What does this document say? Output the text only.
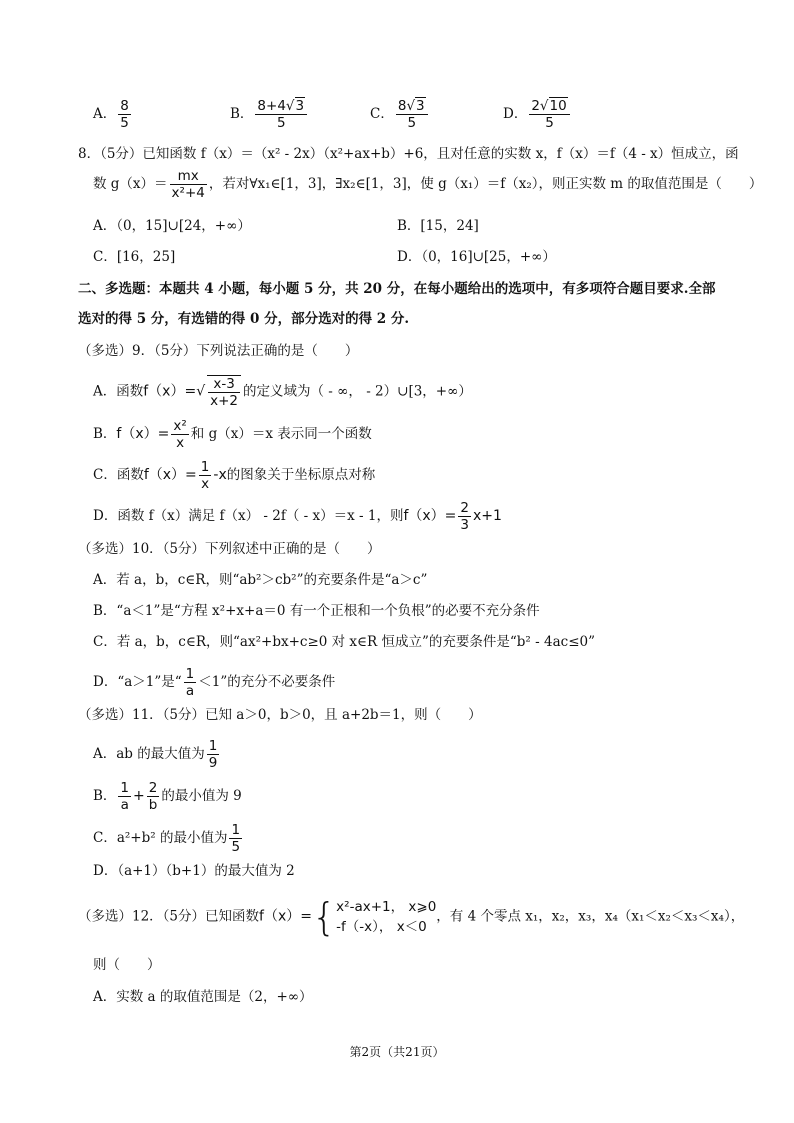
A． $\frac{8}{5}$	B． $\frac{8+4√3}{5}$	C． $\frac{8√3}{5}$	D． $\frac{2√10}{5}$
8．（5分）已知函数 f（x）＝（x² ‑ 2x）（x²+ax+b）+6，且对任意的实数 x，f（x）＝f（4 ‑ x）恒成立，函
数 $g(x)= \frac{mx}{\text{x²+4}}$ ，若对∀x₁∈[1，3]，∃x₂∈[1，3]，使 g（x₁）＝f（x₂），则正实数 m 的取值范围是（　　）
A．（0，15]∪[24，+∞）	B．[15，24]
C．[16，25]	D．（0，16]∪[25，+∞）
二、多选题：本题共 4 小题，每小题 5 分，共 20 分，在每小题给出的选项中，有多项符合题目要求.全部
选对的得 5 分，有选错的得 0 分，部分选对的得 2 分.
（多选）9．（5分）下列说法正确的是（　　）
A．函数$f(x)=√ \frac{x-3}{x+2}$ 的定义域为（ ‑ ∞， ‑ 2）∪[3，+∞）
B．$f(x)= \frac{\text{x²}}{x}$ 和 g（x）＝x 表示同一个函数
C．函数$f(x)= \frac{1}{x} -x$的图象关于坐标原点对称
D．函数 f（x）满足 f（x） ‑ 2f（ ‑ x）＝x ‑ 1，则$f(x)= \frac{2}{3} x+1$
（多选）10．（5分）下列叙述中正确的是（　　）
A．若 a，b，c∈R，则“ab²＞cb²”的充要条件是“a＞c”
B．“a＜1”是“方程 x²+x+a＝0 有一个正根和一个负根”的必要不充分条件
C．若 a，b，c∈R，则“ax²+bx+c≥0 对 x∈R 恒成立”的充要条件是“b² ‑ 4ac≤0”
D．“a＞1”是“ $\frac{1}{a} <1$”的充分不必要条件
（多选）11．（5分）已知 a＞0，b＞0，且 a+2b＝1，则（　　）
A．ab 的最大值为 $\frac{1}{9}$
B． $\frac{1}{a} + \frac{2}{b}$ 的最小值为 9
C．a²+b² 的最小值为 $\frac{1}{5}$
D．（a+1）（b+1）的最大值为 2
（多选）12．（5分）已知函数f（x）={ x²-ax+1， x⩾0
-f（-x）， x＜0
，有 4 个零点 x₁，x₂，x₃，x₄（x₁＜x₂＜x₃＜x₄），
则（　　）
A．实数 a 的取值范围是（2，+∞）
第2页（共21页）
